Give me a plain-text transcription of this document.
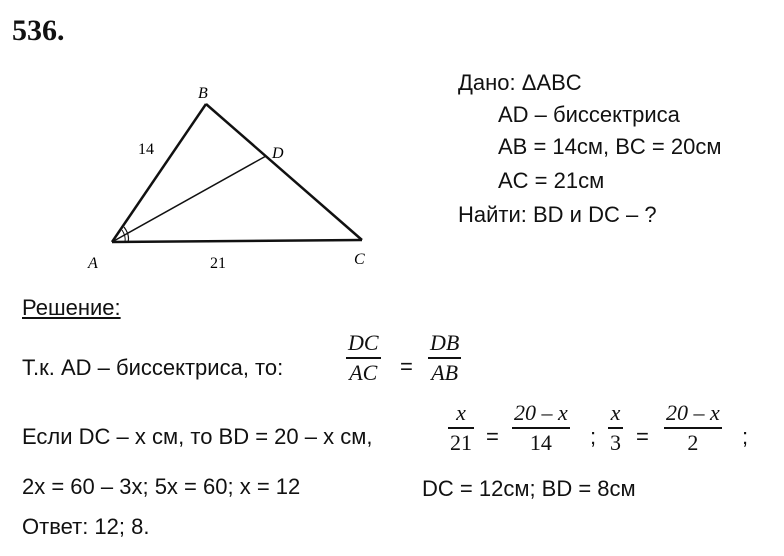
536.
B
D
A	C
14
21
Дано: ΔABC
AD – биссектриса
AB = 14см, BC = 20см
AC = 21см
Найти: BD и DC – ?
Решение:
Т.к. AD – биссектриса, то:
DC
AC =
DB
AB
Если DC – x см, то BD = 20 – x см,
x
21 =
20 – x
14 ;
x
3 =
20 – x
2 ;
2x = 60 – 3x; 5x = 60; x = 12	DC = 12см; BD = 8см
Ответ: 12; 8.
